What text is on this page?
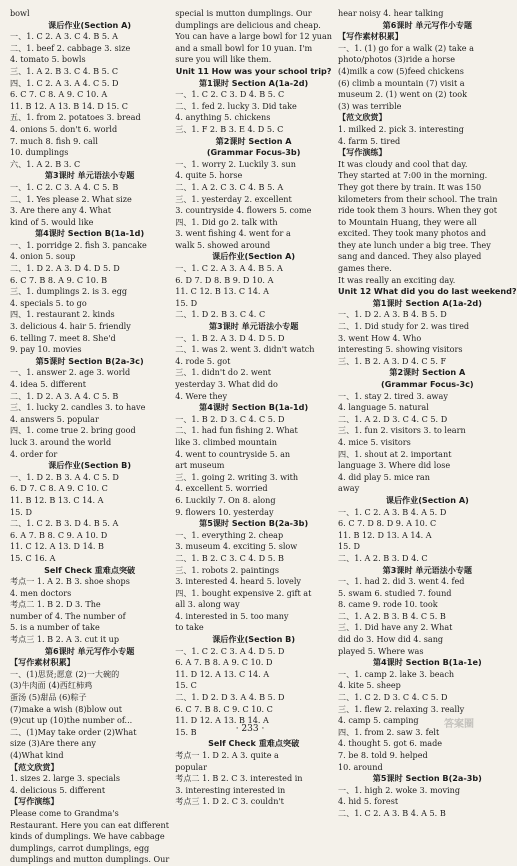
bowl
课后作业(Section A)
一、1. C 2. A 3. C 4. B 5. A
二、1. beef 2. cabbage 3. size
4. tomato 5. bowls
三、1. A 2. B 3. C 4. B 5. C
四、1. C 2. A 3. A 4. C 5. D
6. C 7. C 8. A 9. C 10. A
11. B 12. A 13. B 14. D 15. C
五、1. from 2. potatoes 3. bread
4. onions 5. don't 6. world
7. much 8. fish 9. call
10. dumplings
六、1. A 2. B 3. C
第3课时 单元语法小专题
一、1. C 2. C 3. A 4. C 5. B
二、1. Yes please 2. What size
3. Are there any 4. What
kind of 5. would like
第4课时 Section B(1a-1d)
一、1. porridge 2. fish 3. pancake
4. onion 5. soup
二、1. D 2. A 3. D 4. D 5. D
6. C 7. B 8. A 9. C 10. B
三、1. dumplings 2. is 3. egg
4. specials 5. to go
四、1. restaurant 2. kinds
3. delicious 4. hair 5. friendly
6. telling 7. meet 8. She'd
9. pay 10. movies
第5课时 Section B(2a-3c)
一、1. answer 2. age 3. world
4. idea 5. different
二、1. D 2. A 3. A 4. C 5. B
三、1. lucky 2. candles 3. to have
4. answers 5. popular
四、1. come true 2. bring good
luck 3. around the world
4. order for
课后作业(Section B)
一、1. D 2. B 3. A 4. C 5. D
6. D 7. C 8. A 9. C 10. C
11. B 12. B 13. C 14. A
15. D
二、1. C 2. B 3. D 4. B 5. A
6. A 7. B 8. C 9. A 10. D
11. C 12. A 13. D 14. B
15. C 16. A
Self Check 重难点突破
考点一 1. A 2. B 3. shoe shops
4. men doctors
考点二 1. B 2. D 3. The
number of 4. The number of
5. is a number of take
考点三 1. B 2. A 3. cut it up
第6课时 单元写作小专题
【写作素材积累】
一、(1)思贤;愿意 (2)一大碗的
(3)牛肉面 (4)西红柿鸡
蛋汤 (5)甜品 (6)粽子
(7)make a wish (8)blow out
(9)cut up (10)the number of...
二、(1)May take order (2)What
size (3)Are there any
(4)What kind
【范文欣赏】
1. sizes 2. large 3. specials
4. delicious 5. different
【写作演练】
Please come to Grandma's
Restaurant. Here you can eat different
kinds of dumplings. We have cabbage
dumplings, carrot dumplings, egg
dumplings and mutton dumplings. Our
special is mutton dumplings. Our
dumplings are delicious and cheap.
You can have a large bowl for 12 yuan
and a small bowl for 10 yuan. I'm
sure you will like them.
Unit 11 How was your school trip?
第1课时 Section A(1a-2d)
一、1. C 2. C 3. D 4. B 5. C
二、1. fed 2. lucky 3. Did take
4. anything 5. chickens
三、1. F 2. B 3. E 4. D 5. C
第2课时 Section A
(Grammar Focus-3b)
一、1. worry 2. Luckily 3. sun
4. quite 5. horse
二、1. A 2. C 3. C 4. B 5. A
三、1. yesterday 2. excellent
3. countryside 4. flowers 5. come
四、1. Did go 2. talk with
3. went fishing 4. went for a
walk 5. showed around
课后作业(Section A)
一、1. C 2. A 3. A 4. B 5. A
6. D 7. D 8. B 9. D 10. A
11. C 12. B 13. C 14. A
15. D
二、1. D 2. B 3. C 4. C
第3课时 单元语法小专题
一、1. B 2. A 3. D 4. D 5. D
二、1. was 2. went 3. didn't watch
4. rode 5. got
三、1. didn't do 2. went
yesterday 3. What did do
4. Were they
第4课时 Section B(1a-1d)
一、1. B 2. D 3. C 4. C 5. D
二、1. had fun fishing 2. What
like 3. climbed mountain
4. went to countryside 5. an
art museum
三、1. going 2. writing 3. with
4. excellent 5. worried
6. Luckily 7. On 8. along
9. flowers 10. yesterday
第5课时 Section B(2a-3b)
一、1. everything 2. cheap
3. museum 4. exciting 5. slow
二、1. B 2. C 3. C 4. D 5. B
三、1. robots 2. paintings
3. interested 4. heard 5. lovely
四、1. bought expensive 2. gift at
all 3. along way
4. interested in 5. too many
to take
课后作业(Section B)
一、1. C 2. C 3. A 4. D 5. D
6. A 7. B 8. A 9. C 10. D
11. D 12. A 13. C 14. A
15. C
二、1. D 2. D 3. A 4. B 5. D
6. C 7. B 8. C 9. C 10. C
11. D 12. A 13. B 14. A
15. B
Self Check 重难点突破
考点一 1. D 2. A 3. quite a
popular
考点二 1. B 2. C 3. interested in
3. interesting interested in
考点三 1. D 2. C 3. couldn't
hear noisy 4. hear talking
第6课时 单元写作小专题
【写作素材积累】
一、1. (1) go for a walk (2) take a
photo/photos (3)ride a horse
(4)milk a cow (5)feed chickens
(6) climb a mountain (7) visit a
museum 2. (1) went on (2) took
(3) was terrible
【范文欣赏】
1. milked 2. pick 3. interesting
4. farm 5. tired
【写作演练】
It was cloudy and cool that day.
They started at 7:00 in the morning.
They got there by train. It was 150
kilometers from their school. The train
ride took them 3 hours. When they got
to Mountain Huang, they were all
excited. They took many photos and
they ate lunch under a big tree. They
sang and danced. They also played
games there.
It was really an exciting day.
Unit 12 What did you do last weekend?
第1课时 Section A(1a-2d)
一、1. D 2. A 3. B 4. B 5. D
二、1. Did study for 2. was tired
3. went How 4. Who
interesting 5. showing visitors
三、1. B 2. A 3. D 4. C 5. F
第2课时 Section A
(Grammar Focus-3c)
一、1. stay 2. tired 3. away
4. language 5. natural
二、1. A 2. D 3. C 4. C 5. D
三、1. fun 2. visitors 3. to learn
4. mice 5. visitors
四、1. shout at 2. important
language 3. Where did lose
4. did play 5. mice ran
away
课后作业(Section A)
一、1. C 2. A 3. B 4. A 5. D
6. C 7. D 8. D 9. A 10. C
11. B 12. D 13. A 14. A
15. D
二、1. A 2. B 3. D 4. C
第3课时 单元语法小专题
一、1. had 2. did 3. went 4. fed
5. swam 6. studied 7. found
8. came 9. rode 10. took
二、1. A 2. B 3. B 4. C 5. B
三、1. Did have any 2. What
did do 3. How did 4. sang
played 5. Where was
第4课时 Section B(1a-1e)
一、1. camp 2. lake 3. beach
4. kite 5. sheep
二、1. C 2. D 3. C 4. C 5. D
三、1. flew 2. relaxing 3. really
4. camp 5. camping
四、1. from 2. saw 3. felt
4. thought 5. got 6. made
7. be 8. told 9. helped
10. around
第5课时 Section B(2a-3b)
一、1. high 2. woke 3. moving
4. hid 5. forest
二、1. C 2. A 3. B 4. A 5. B
· 233 ·	答案圈
